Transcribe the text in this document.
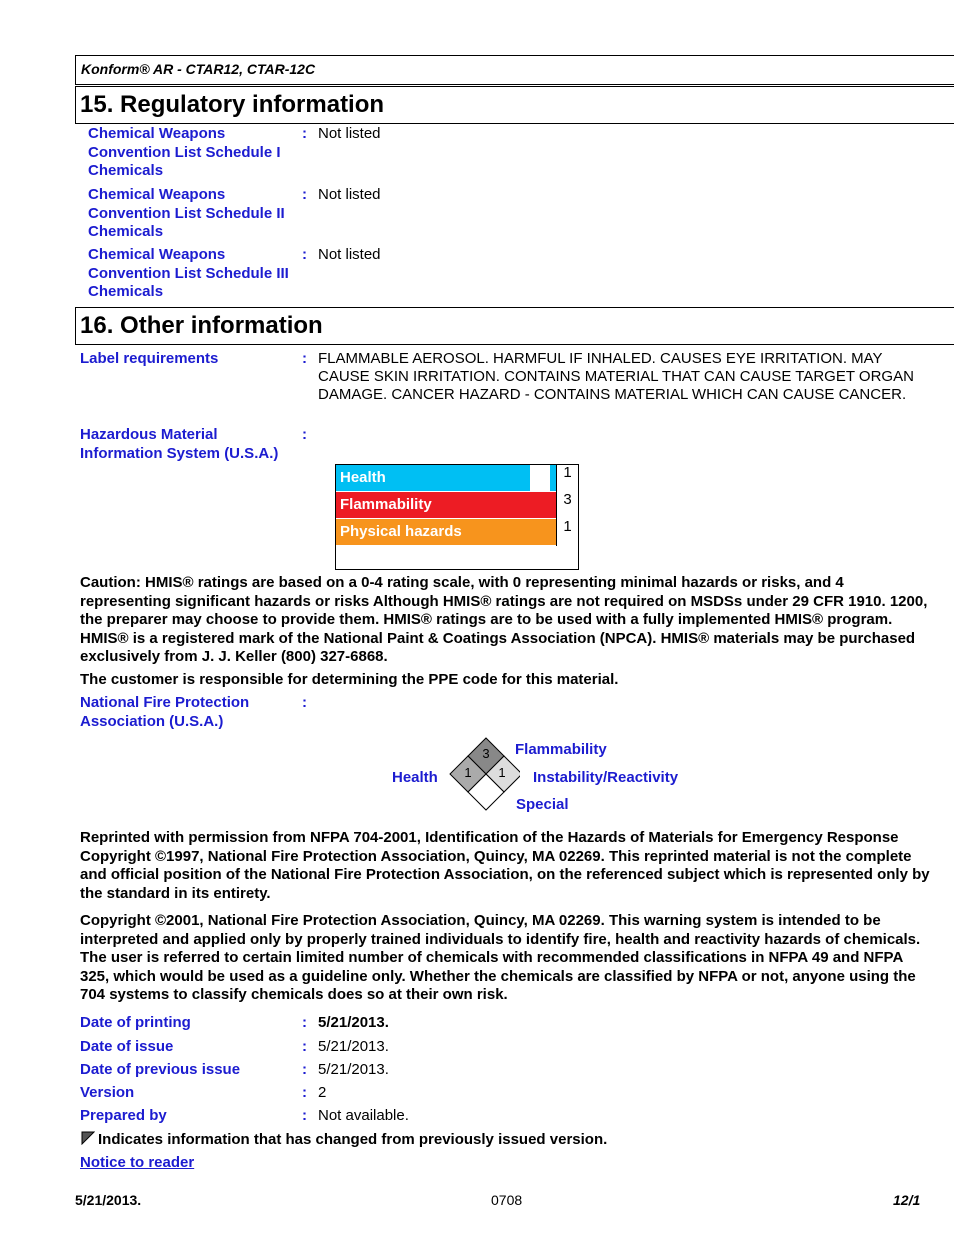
Konform® AR - CTAR12, CTAR-12C
15. Regulatory information
Chemical Weapons Convention List Schedule I Chemicals
: Not listed
Chemical Weapons Convention List Schedule II Chemicals
: Not listed
Chemical Weapons Convention List Schedule III Chemicals
: Not listed
16. Other information
Label requirements	: FLAMMABLE AEROSOL. HARMFUL IF INHALED. CAUSES EYE IRRITATION. MAY CAUSE SKIN IRRITATION. CONTAINS MATERIAL THAT CAN CAUSE TARGET ORGAN DAMAGE. CANCER HAZARD - CONTAINS MATERIAL WHICH CAN CAUSE CANCER.
Hazardous Material Information System (U.S.A.)
:
Health	1
Flammability	3
Physical hazards	1
Caution: HMIS® ratings are based on a 0-4 rating scale, with 0 representing minimal hazards or risks, and 4 representing significant hazards or risks Although HMIS® ratings are not required on MSDSs under 29 CFR 1910. 1200, the preparer may choose to provide them. HMIS® ratings are to be used with a fully implemented HMIS® program. HMIS® is a registered mark of the National Paint & Coatings Association (NPCA). HMIS® materials may be purchased exclusively from J. J. Keller (800) 327-6868.
The customer is responsible for determining the PPE code for this material.
National Fire Protection Association (U.S.A.)
:
3
1 1
Flammability
Health	Instability/Reactivity
Special
Reprinted with permission from NFPA 704-2001, Identification of the Hazards of Materials for Emergency Response Copyright ©1997, National Fire Protection Association, Quincy, MA 02269. This reprinted material is not the complete and official position of the National Fire Protection Association, on the referenced subject which is represented only by the standard in its entirety.
Copyright ©2001, National Fire Protection Association, Quincy, MA 02269. This warning system is intended to be interpreted and applied only by properly trained individuals to identify fire, health and reactivity hazards of chemicals. The user is referred to certain limited number of chemicals with recommended classifications in NFPA 49 and NFPA 325, which would be used as a guideline only. Whether the chemicals are classified by NFPA or not, anyone using the 704 systems to classify chemicals does so at their own risk.
Date of printing	: 5/21/2013.
Date of issue	: 5/21/2013.
Date of previous issue	: 5/21/2013.
Version	: 2
Prepared by	: Not available.
Indicates information that has changed from previously issued version.
Notice to reader
5/21/2013.	0708	12/1
